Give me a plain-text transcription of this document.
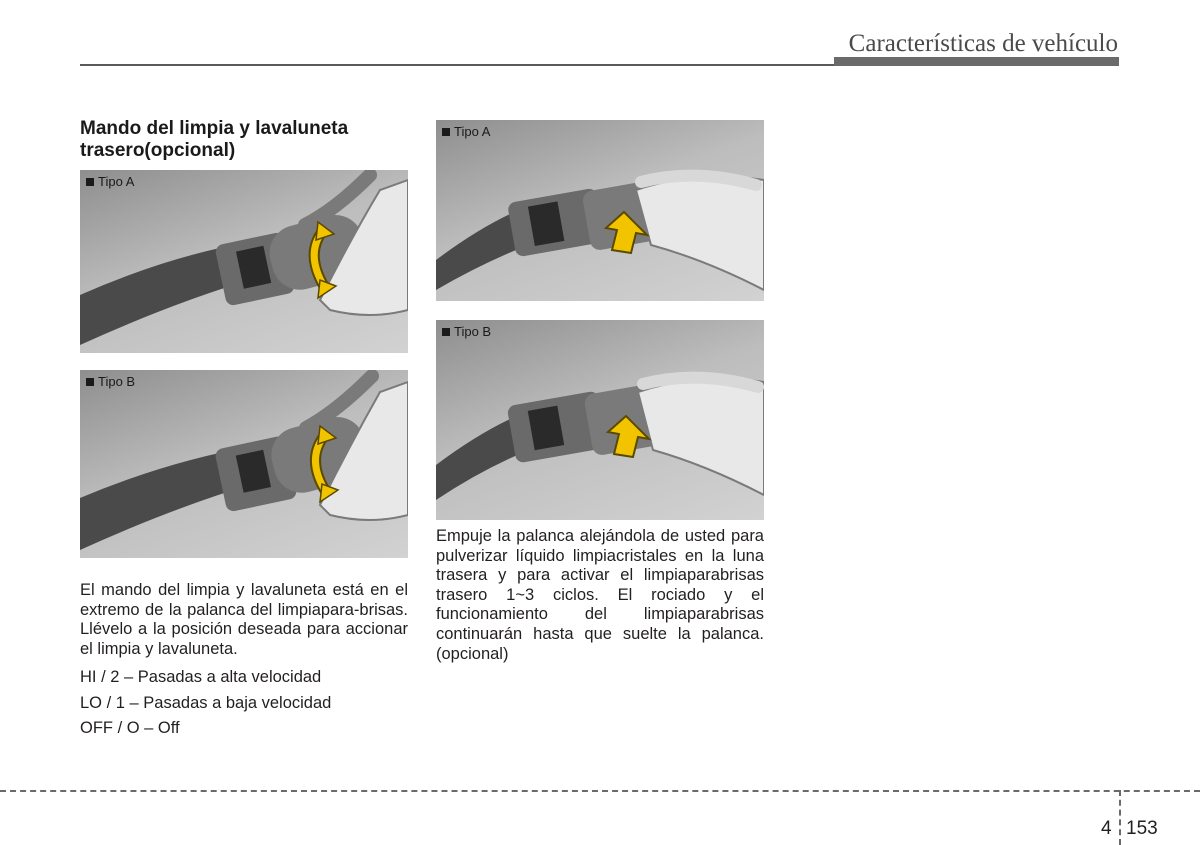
Características de vehículo
Mando del limpia y lavaluneta trasero(opcional)
Tipo A
Tipo B
Tipo A
Tipo B

El mando del limpia y lavaluneta está en el extremo de la palanca del limpiapara-brisas. Llévelo a la posición deseada para accionar el limpia y lavaluneta.

HI / 2 – Pasadas a alta velocidad
LO / 1 – Pasadas a baja velocidad
OFF / O – Off

Empuje la palanca alejándola de usted para pulverizar líquido limpiacristales en la luna trasera y para activar el limpiaparabrisas trasero 1~3 ciclos. El rociado y el funcionamiento del limpiaparabrisas continuarán hasta que suelte la palanca. (opcional)

4 153
